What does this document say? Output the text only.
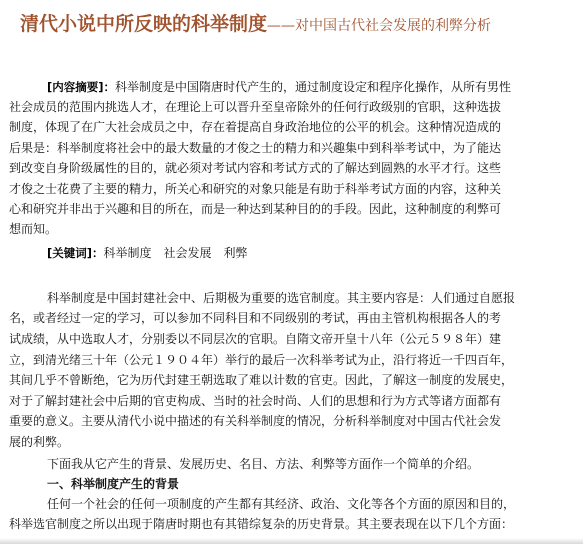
清代小说中所反映的科举制度——对中国古代社会发展的利弊分析
[内容摘要]：科举制度是中国隋唐时代产生的，通过制度设定和程序化操作，从所有男性
社会成员的范围内挑选人才，在理论上可以晋升至皇帝除外的任何行政级别的官职，这种选拔
制度，体现了在广大社会成员之中，存在着提高自身政治地位的公平的机会。这种情况造成的
后果是：科举制度将社会中的最大数量的才俊之士的精力和兴趣集中到科举考试中，为了能达
到改变自身阶级属性的目的，就必须对考试内容和考试方式的了解达到圆熟的水平才行。这些
才俊之士花费了主要的精力，所关心和研究的对象只能是有助于科举考试方面的内容，这种关
心和研究并非出于兴趣和目的所在，而是一种达到某种目的的手段。因此，这种制度的利弊可
想而知。
[关键词]：科举制度　社会发展　利弊
科举制度是中国封建社会中、后期极为重要的选官制度。其主要内容是：人们通过自愿报
名，或者经过一定的学习，可以参加不同科目和不同级别的考试，再由主管机构根据各人的考
试成绩，从中选取人才，分别委以不同层次的官职。自隋文帝开皇十八年（公元５９８年）建
立，到清光绪三十年（公元１９０４年）举行的最后一次科举考试为止，沿行将近一千四百年，
其间几乎不曾断绝，它为历代封建王朝选取了难以计数的官吏。因此，了解这一制度的发展史，
对于了解封建社会中后期的官吏构成、当时的社会时尚、人们的思想和行为方式等诸方面都有
重要的意义。主要从清代小说中描述的有关科举制度的情况，分析科举制度对中国古代社会发
展的利弊。
下面我从它产生的背景、发展历史、名目、方法、利弊等方面作一个简单的介绍。
一、科举制度产生的背景
任何一个社会的任何一项制度的产生都有其经济、政治、文化等各个方面的原因和目的，
科举选官制度之所以出现于隋唐时期也有其错综复杂的历史背景。其主要表现在以下几个方面：
